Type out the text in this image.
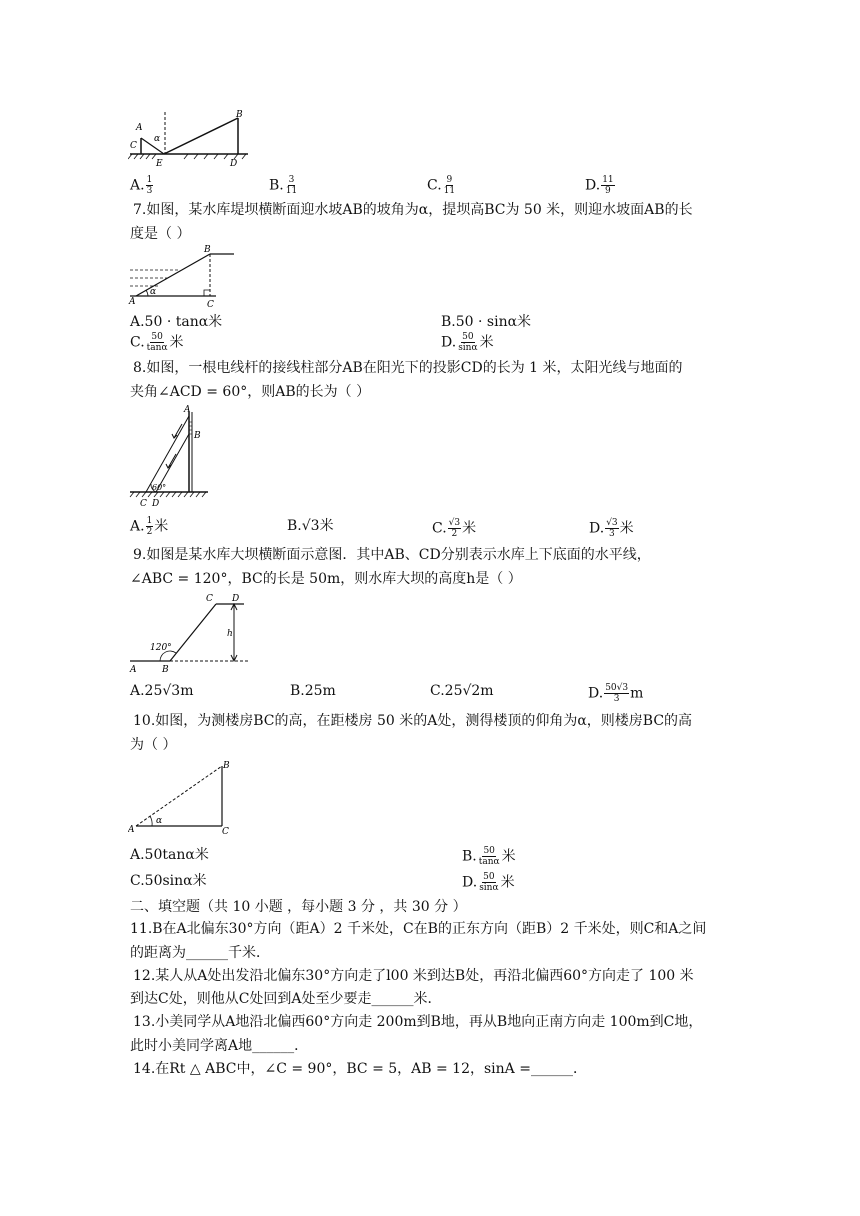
A
C
α
E	D
B
A. $\frac{1}{3}$	B. $\frac{3}{11}$	C. $\frac{9}{11}$	D. $\frac{11}{9}$
7.如图，某水库堤坝横断面迎水坡AB的坡角为α，提坝高BC为 50 米，则迎水坡面AB的长
度是（ ）
α
A
B
C
A.50 · tanα米	B.50 · sinα米
C. $\frac{50}{\tan\alpha}$ 米	D. $\frac{50}{\sin\alpha}$ 米
8.如图，一根电线杆的接线柱部分AB在阳光下的投影CD的长为 1 米，太阳光线与地面的
夹角∠ACD = 60°，则AB的长为（ ）
60°
A
B
C D
A. $\frac{1}{2}$ 米	B.√3米	C. $\frac{√3}{2}$ 米	D. $\frac{√3}{3}$ 米
9.如图是某水库大坝横断面示意图．其中AB、CD分别表示水库上下底面的水平线，
∠ABC = 120°，BC的长是 50m，则水库大坝的高度h是（ ）
120°
A	B
C D
h
A.25√3m	B.25m	C.25√2m	D. $\frac{50√3}{3}$ m
10.如图，为测楼房BC的高，在距楼房 50 米的A处，测得楼顶的仰角为α，则楼房BC的高
为（ ）
α
A
B
C
A.50tanα米	B. $\frac{50}{\tan\alpha}$ 米
C.50sinα米	D. $\frac{50}{\sin\alpha}$ 米
二、填空题（共 10 小题 ，每小题 3 分 ，共 30 分 ）
11.B在A北偏东30°方向（距A）2 千米处，C在B的正东方向（距B）2 千米处，则C和A之间
的距离为______千米．
12.某人从A处出发沿北偏东30°方向走了l00 米到达B处，再沿北偏西60°方向走了 100 米
到达C处，则他从C处回到A处至少要走______米．
13.小美同学从A地沿北偏西60°方向走 200m到B地，再从B地向正南方向走 100m到C地，
此时小美同学离A地______．
14.在Rt △ ABC中，∠C = 90°，BC = 5，AB = 12，sinA =______．
